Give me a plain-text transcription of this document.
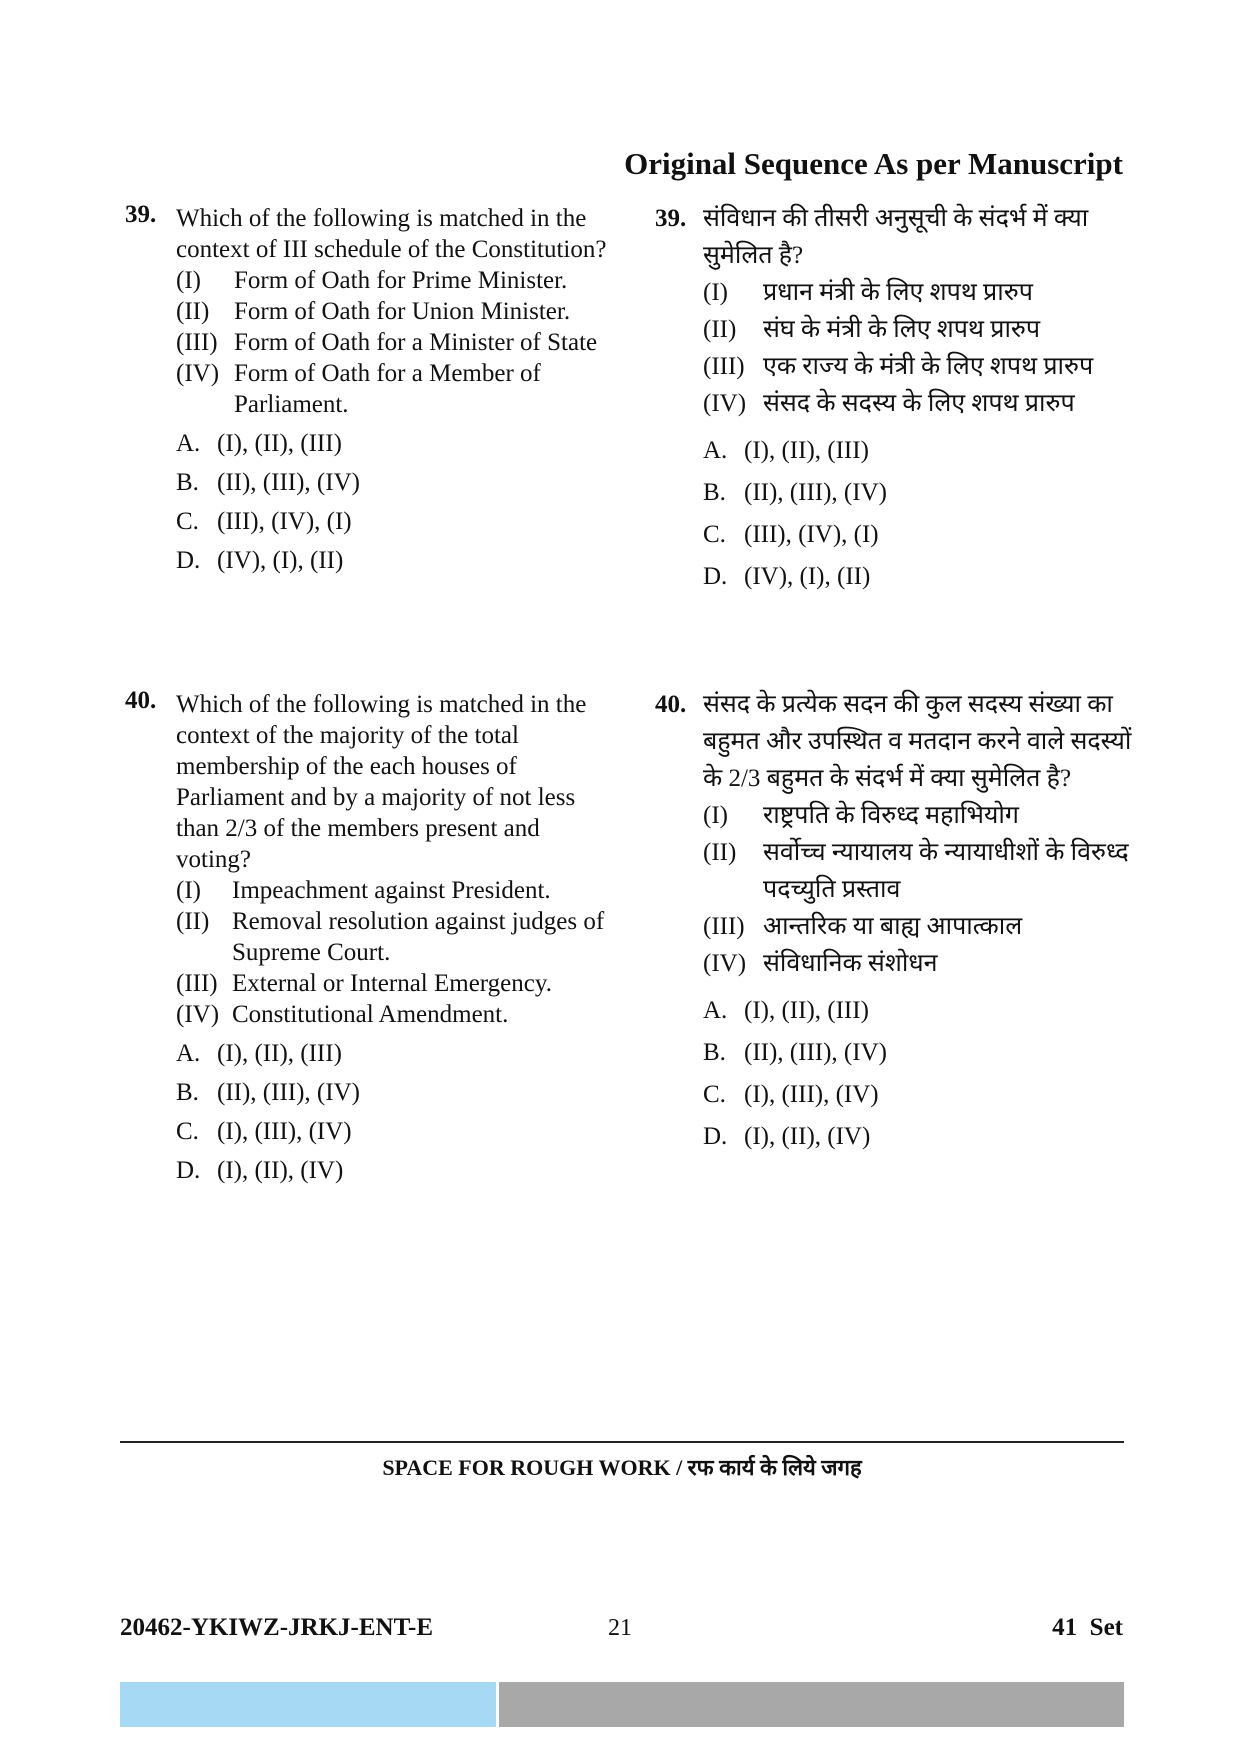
Original Sequence As per Manuscript
39. Which of the following is matched in the context of III schedule of the Constitution?
(I)	Form of Oath for Prime Minister.
(II) Form of Oath for Union Minister.
(III) Form of Oath for a Minister of State
(IV) Form of Oath for a Member of Parliament.
A. (I), (II), (III)
B. (II), (III), (IV)
C. (III), (IV), (I)
D. (IV), (I), (II)
40. Which of the following is matched in the context of the majority of the total membership of the each houses of Parliament and by a majority of not less than 2/3 of the members present and voting?
(I)	Impeachment against President.
(II) Removal resolution against judges of Supreme Court.
(III) External or Internal Emergency.
(IV) Constitutional Amendment.
A. (I), (II), (III)
B. (II), (III), (IV)
C. (I), (III), (IV)
D. (I), (II), (IV)
39. संविधान की तीसरी अनुसूची के संदर्भ में क्या सुमेलित है?
(I)	प्रधान मंत्री के लिए शपथ प्रारुप
(II)	संघ के मंत्री के लिए शपथ प्रारुप
(III) एक राज्य के मंत्री के लिए शपथ प्रारुप
(IV) संसद के सदस्य के लिए शपथ प्रारुप
A. (I), (II), (III)
B. (II), (III), (IV)
C. (III), (IV), (I)
D. (IV), (I), (II)
40. संसद के प्रत्येक सदन की कुल सदस्य संख्या का बहुमत और उपस्थित व मतदान करने वाले सदस्यों के 2/3 बहुमत के संदर्भ में क्या सुमेलित है?
(I)	राष्ट्रपति के विरुध्द महाभियोग
(II)	सर्वोच्च न्यायालय के न्यायाधीशों के विरुध्द पदच्युति प्रस्ताव
(III) आन्तरिक या बाह्य आपात्काल
(IV) संविधानिक संशोधन
A. (I), (II), (III)
B. (II), (III), (IV)
C. (I), (III), (IV)
D. (I), (II), (IV)
SPACE FOR ROUGH WORK / रफ कार्य के लिये जगह
20462-YKIWZ-JRKJ-ENT-E	21	41  Set
